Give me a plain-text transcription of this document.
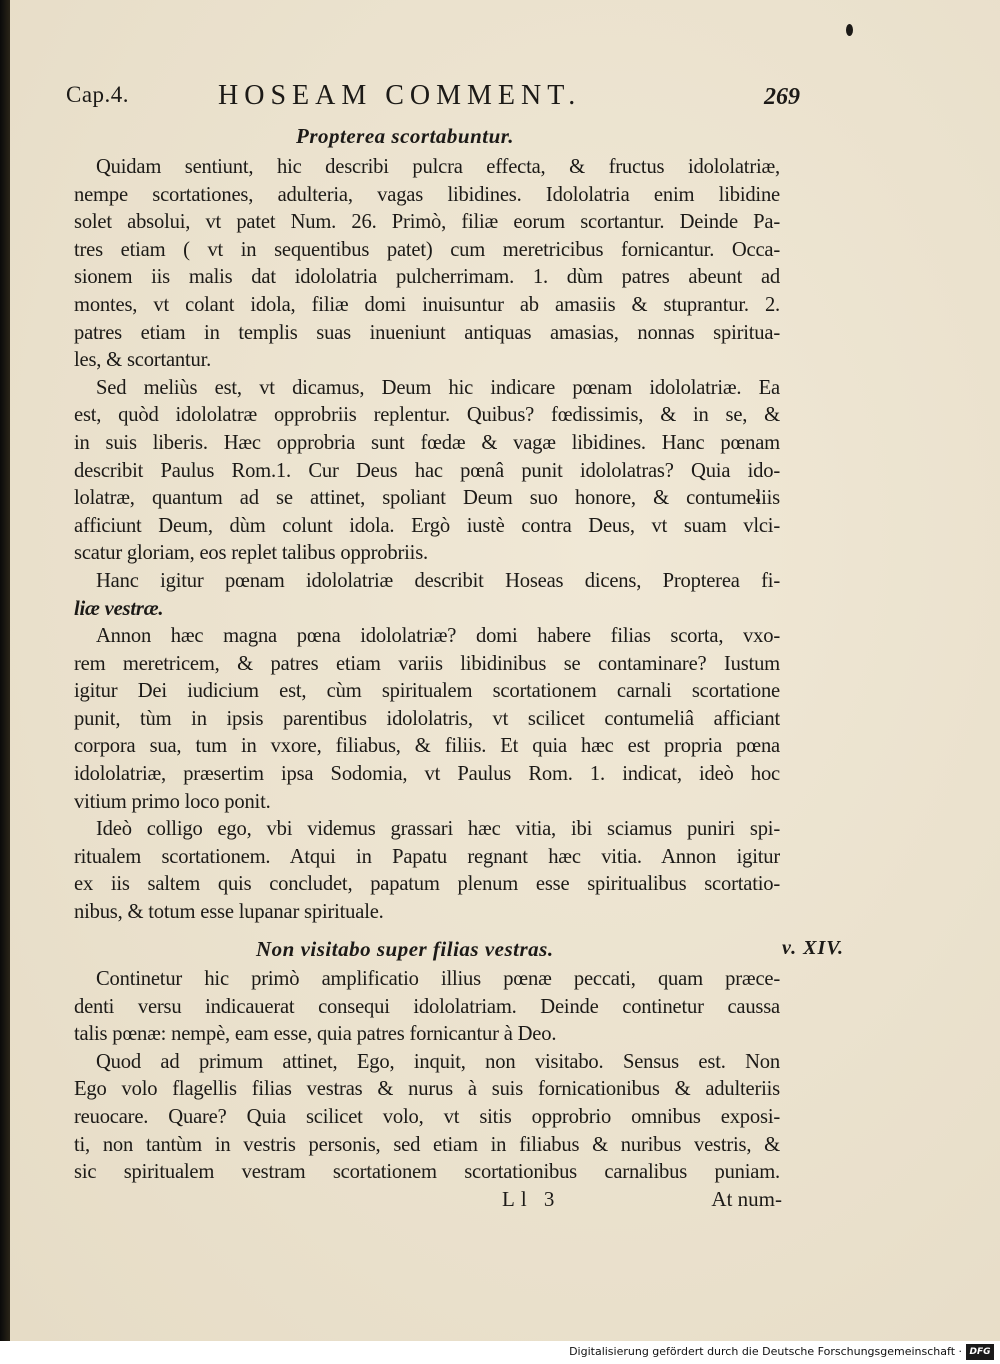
Cap.4.	HOSEAM COMMENT.	269
Propterea scortabuntur.
Quidam sentiunt, hic describi pulcra effecta, & fructus idololatriæ,
nempe scortationes, adulteria, vagas libidines. Idololatria enim libidine
solet absolui, vt patet Num. 26. Primò, filiæ eorum scortantur. Deinde Pa-
tres etiam ( vt in sequentibus patet) cum meretricibus fornicantur. Occa-
sionem iis malis dat idololatria pulcherrimam. 1. dùm patres abeunt ad
montes, vt colant idola, filiæ domi inuisuntur ab amasiis & stuprantur. 2.
patres etiam in templis suas inueniunt antiquas amasias, nonnas spiritua-
les, & scortantur.
Sed meliùs est, vt dicamus, Deum hic indicare pœnam idololatriæ. Ea
est, quòd idololatræ opprobriis replentur. Quibus? fœdissimis, & in se, &
in suis liberis. Hæc opprobria sunt fœdæ & vagæ libidines. Hanc pœnam
describit Paulus Rom.1. Cur Deus hac pœnâ punit idololatras? Quia ido-
lolatræ, quantum ad se attinet, spoliant Deum suo honore, & contumeliis
afficiunt Deum, dùm colunt idola. Ergò iustè contra Deus, vt suam vlci-
scatur gloriam, eos replet talibus opprobriis.
Hanc igitur pœnam idololatriæ describit Hoseas dicens, Propterea fi-
liæ vestræ.
Annon hæc magna pœna idololatriæ? domi habere filias scorta, vxo-
rem meretricem, & patres etiam variis libidinibus se contaminare? Iustum
igitur Dei iudicium est, cùm spiritualem scortationem carnali scortatione
punit, tùm in ipsis parentibus idololatris, vt scilicet contumeliâ afficiant
corpora sua, tum in vxore, filiabus, & filiis. Et quia hæc est propria pœna
idololatriæ, præsertim ipsa Sodomia, vt Paulus Rom. 1. indicat, ideò hoc
vitium primo loco ponit.
Ideò colligo ego, vbi videmus grassari hæc vitia, ibi sciamus puniri spi-
ritualem scortationem. Atqui in Papatu regnant hæc vitia. Annon igitur
ex iis saltem quis concludet, papatum plenum esse spiritualibus scortatio-
nibus, & totum esse lupanar spirituale.
Non visitabo super filias vestras.	v. XIV.
Continetur hic primò amplificatio illius pœnæ peccati, quam præce-
denti versu indicauerat consequi idololatriam. Deinde continetur caussa
talis pœnæ: nempè, eam esse, quia patres fornicantur à Deo.
Quod ad primum attinet, Ego, inquit, non visitabo. Sensus est. Non
Ego volo flagellis filias vestras & nurus à suis fornicationibus & adulteriis
reuocare. Quare? Quia scilicet volo, vt sitis opprobrio omnibus exposi-
ti, non tantùm in vestris personis, sed etiam in filiabus & nuribus vestris, &
sic spiritualem vestram scortationem scortationibus carnalibus puniam.
Ll 3	At num-
Digitalisierung gefördert durch die Deutsche Forschungsgemeinschaft · DFG
